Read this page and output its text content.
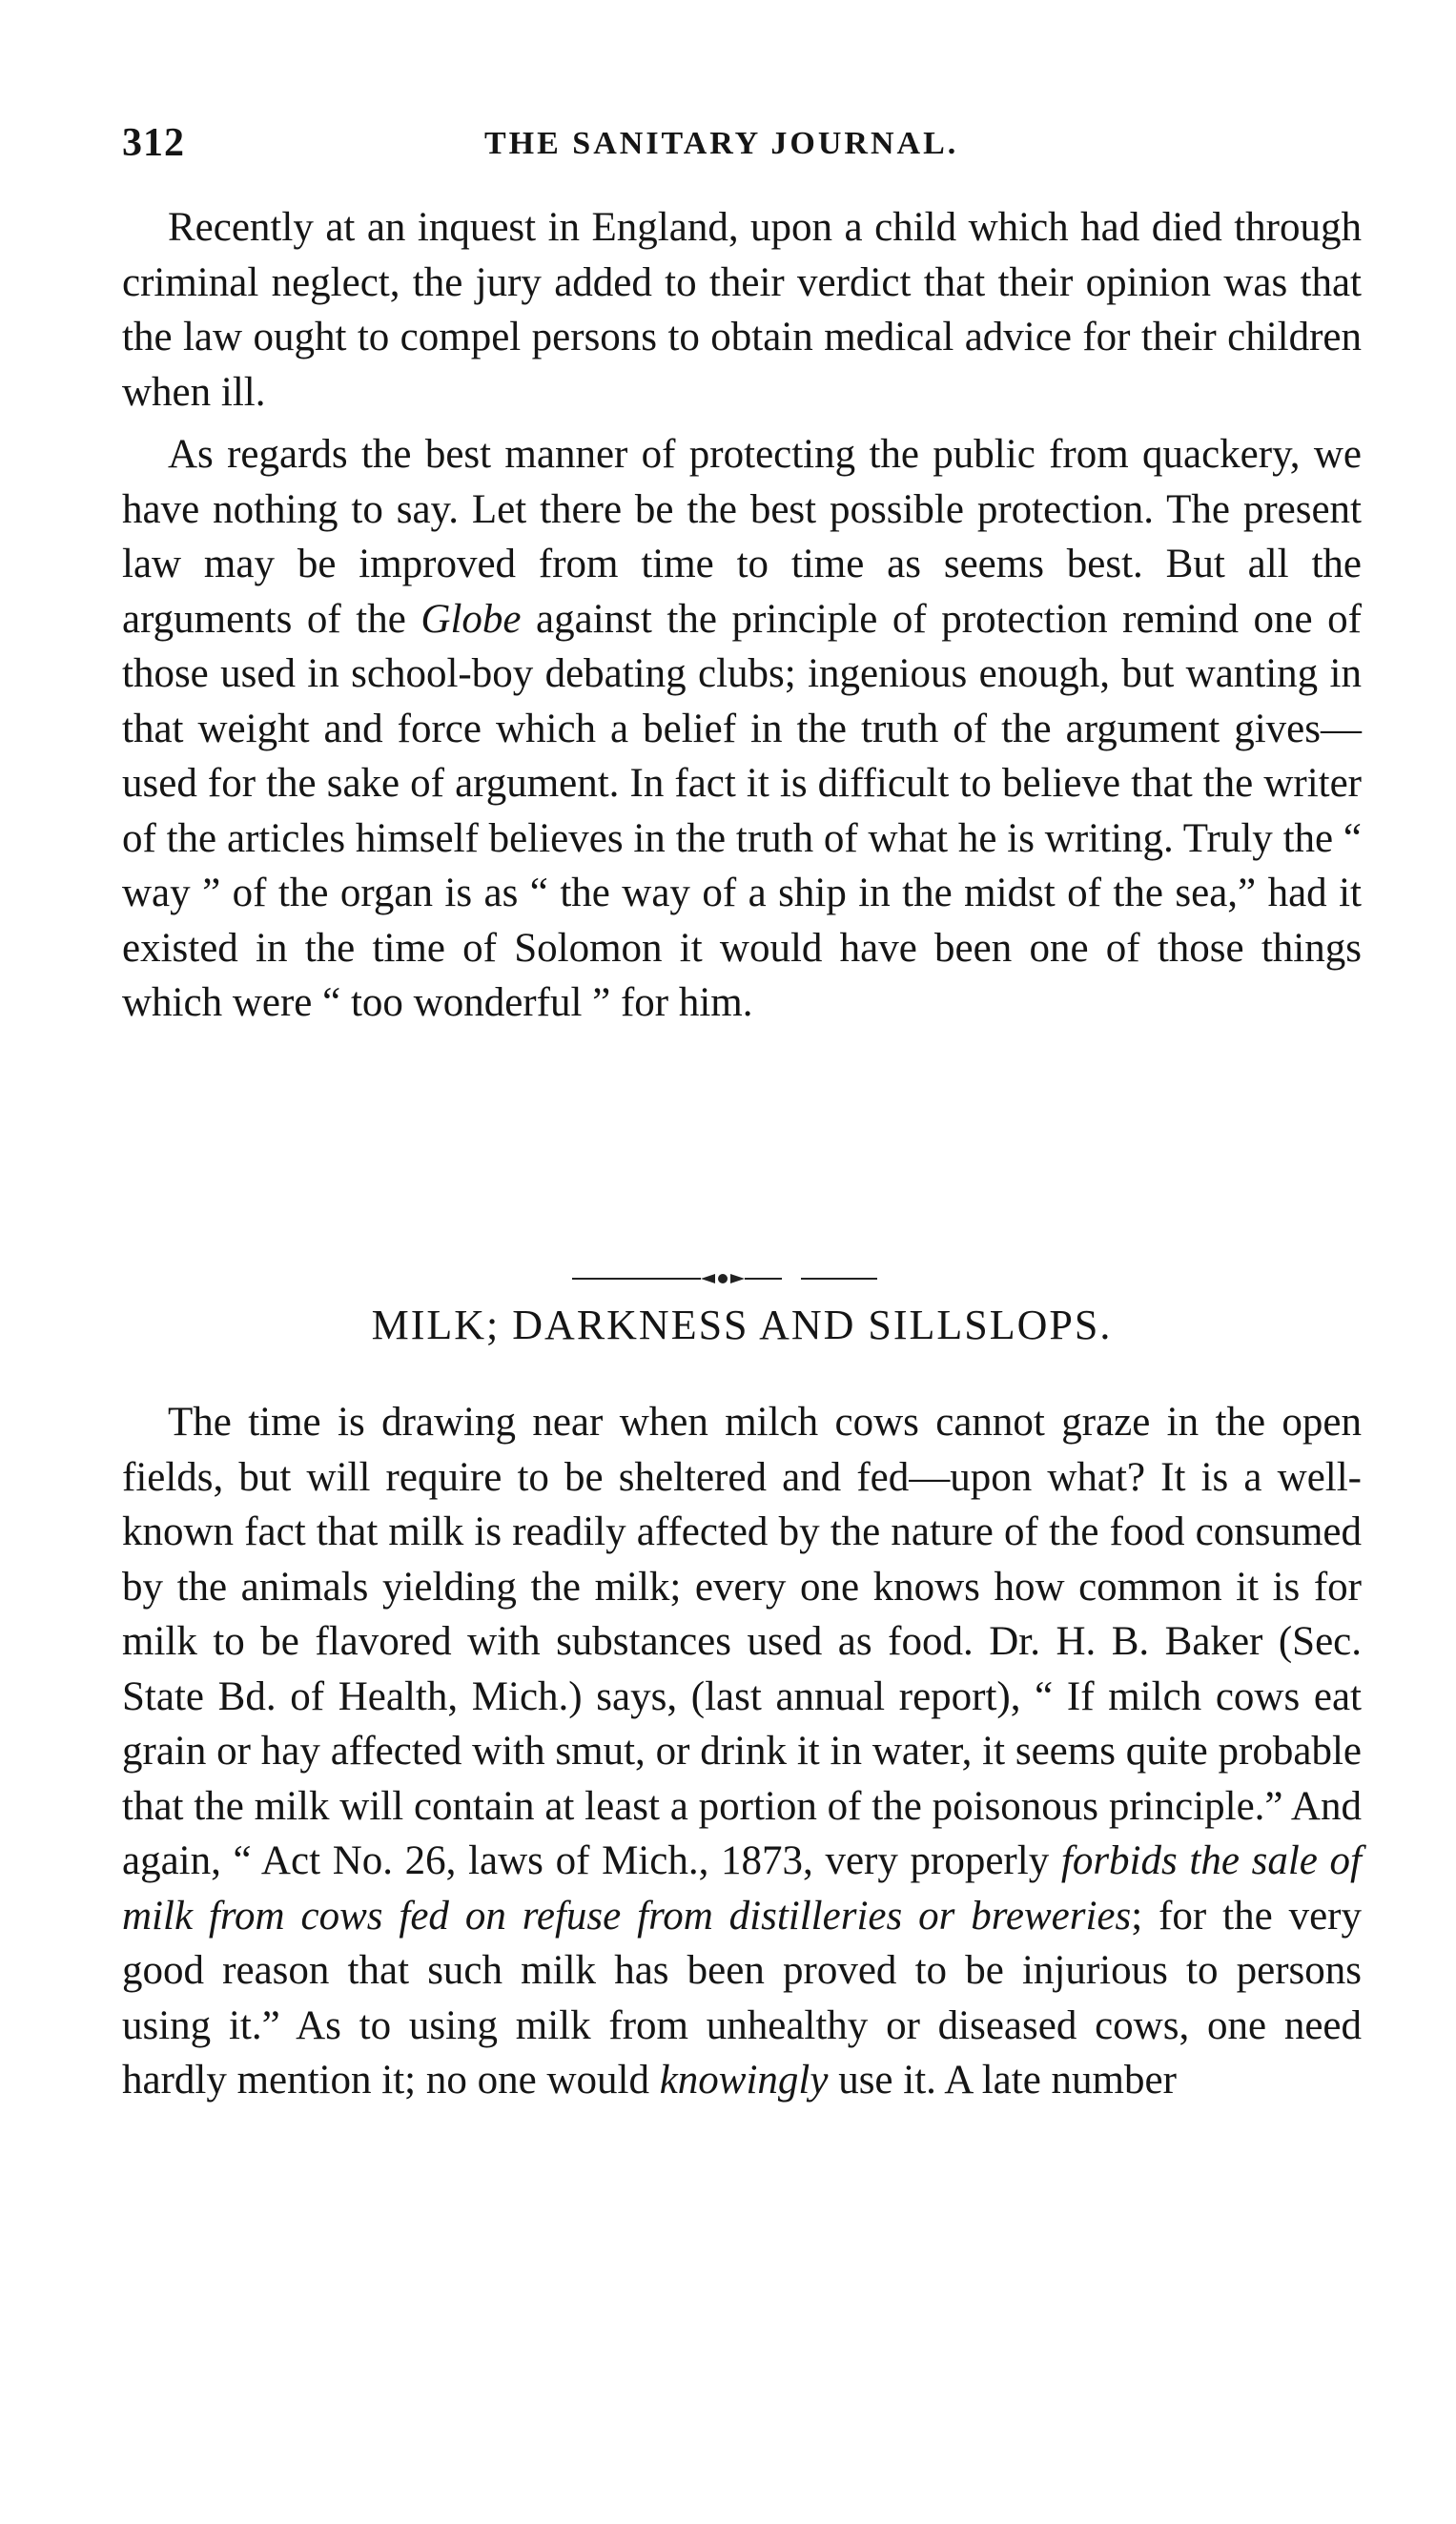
312	THE SANITARY JOURNAL.

Recently at an inquest in England, upon a child which had died through criminal neglect, the jury added to their verdict that their opinion was that the law ought to compel persons to obtain medical advice for their children when ill.

As regards the best manner of protecting the public from quackery, we have nothing to say. Let there be the best possible protection. The present law may be improved from time to time as seems best. But all the arguments of the Globe against the principle of protection remind one of those used in school-boy debating clubs; ingenious enough, but wanting in that weight and force which a belief in the truth of the argument gives—used for the sake of argument. In fact it is difficult to believe that the writer of the articles himself believes in the truth of what he is writing. Truly the “ way ” of the organ is as “ the way of a ship in the midst of the sea,” had it existed in the time of Solomon it would have been one of those things which were “ too wonderful ” for him.

MILK; DARKNESS AND SILLSLOPS.

The time is drawing near when milch cows cannot graze in the open fields, but will require to be sheltered and fed—upon what? It is a well-known fact that milk is readily affected by the nature of the food consumed by the animals yielding the milk; every one knows how common it is for milk to be flavored with substances used as food. Dr. H. B. Baker (Sec. State Bd. of Health, Mich.) says, (last annual report), “ If milch cows eat grain or hay affected with smut, or drink it in water, it seems quite probable that the milk will contain at least a portion of the poisonous principle.” And again, “ Act No. 26, laws of Mich., 1873, very properly forbids the sale of milk from cows fed on refuse from distilleries or breweries; for the very good reason that such milk has been proved to be injurious to persons using it.” As to using milk from unhealthy or diseased cows, one need hardly mention it; no one would knowingly use it. A late number
